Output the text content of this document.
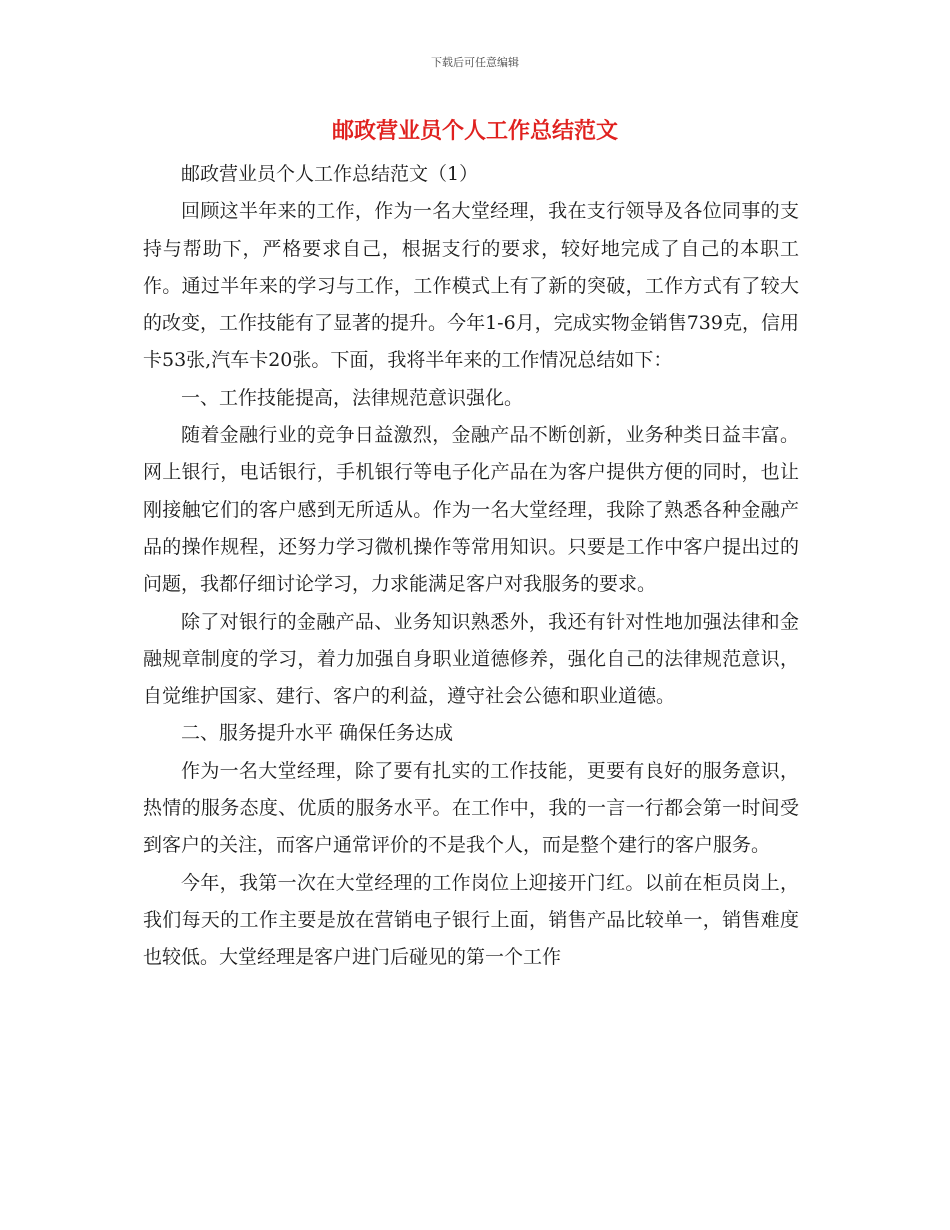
下载后可任意编辑
邮政营业员个人工作总结范文

邮政营业员个人工作总结范文（1）

回顾这半年来的工作，作为一名大堂经理，我在支行领导及各位同事的支持与帮助下，严格要求自己，根据支行的要求，较好地完成了自己的本职工作。通过半年来的学习与工作，工作模式上有了新的突破，工作方式有了较大的改变，工作技能有了显著的提升。今年1-6月，完成实物金销售739克，信用卡53张,汽车卡20张。下面，我将半年来的工作情况总结如下：

一、工作技能提高，法律规范意识强化。

随着金融行业的竞争日益激烈，金融产品不断创新，业务种类日益丰富。网上银行，电话银行，手机银行等电子化产品在为客户提供方便的同时，也让刚接触它们的客户感到无所适从。作为一名大堂经理，我除了熟悉各种金融产品的操作规程，还努力学习微机操作等常用知识。只要是工作中客户提出过的问题，我都仔细讨论学习，力求能满足客户对我服务的要求。

除了对银行的金融产品、业务知识熟悉外，我还有针对性地加强法律和金融规章制度的学习，着力加强自身职业道德修养，强化自己的法律规范意识，自觉维护国家、建行、客户的利益，遵守社会公德和职业道德。

二、服务提升水平 确保任务达成

作为一名大堂经理，除了要有扎实的工作技能，更要有良好的服务意识，热情的服务态度、优质的服务水平。在工作中，我的一言一行都会第一时间受到客户的关注，而客户通常评价的不是我个人，而是整个建行的客户服务。

今年，我第一次在大堂经理的工作岗位上迎接开门红。以前在柜员岗上，我们每天的工作主要是放在营销电子银行上面，销售产品比较单一，销售难度也较低。大堂经理是客户进门后碰见的第一个工作
